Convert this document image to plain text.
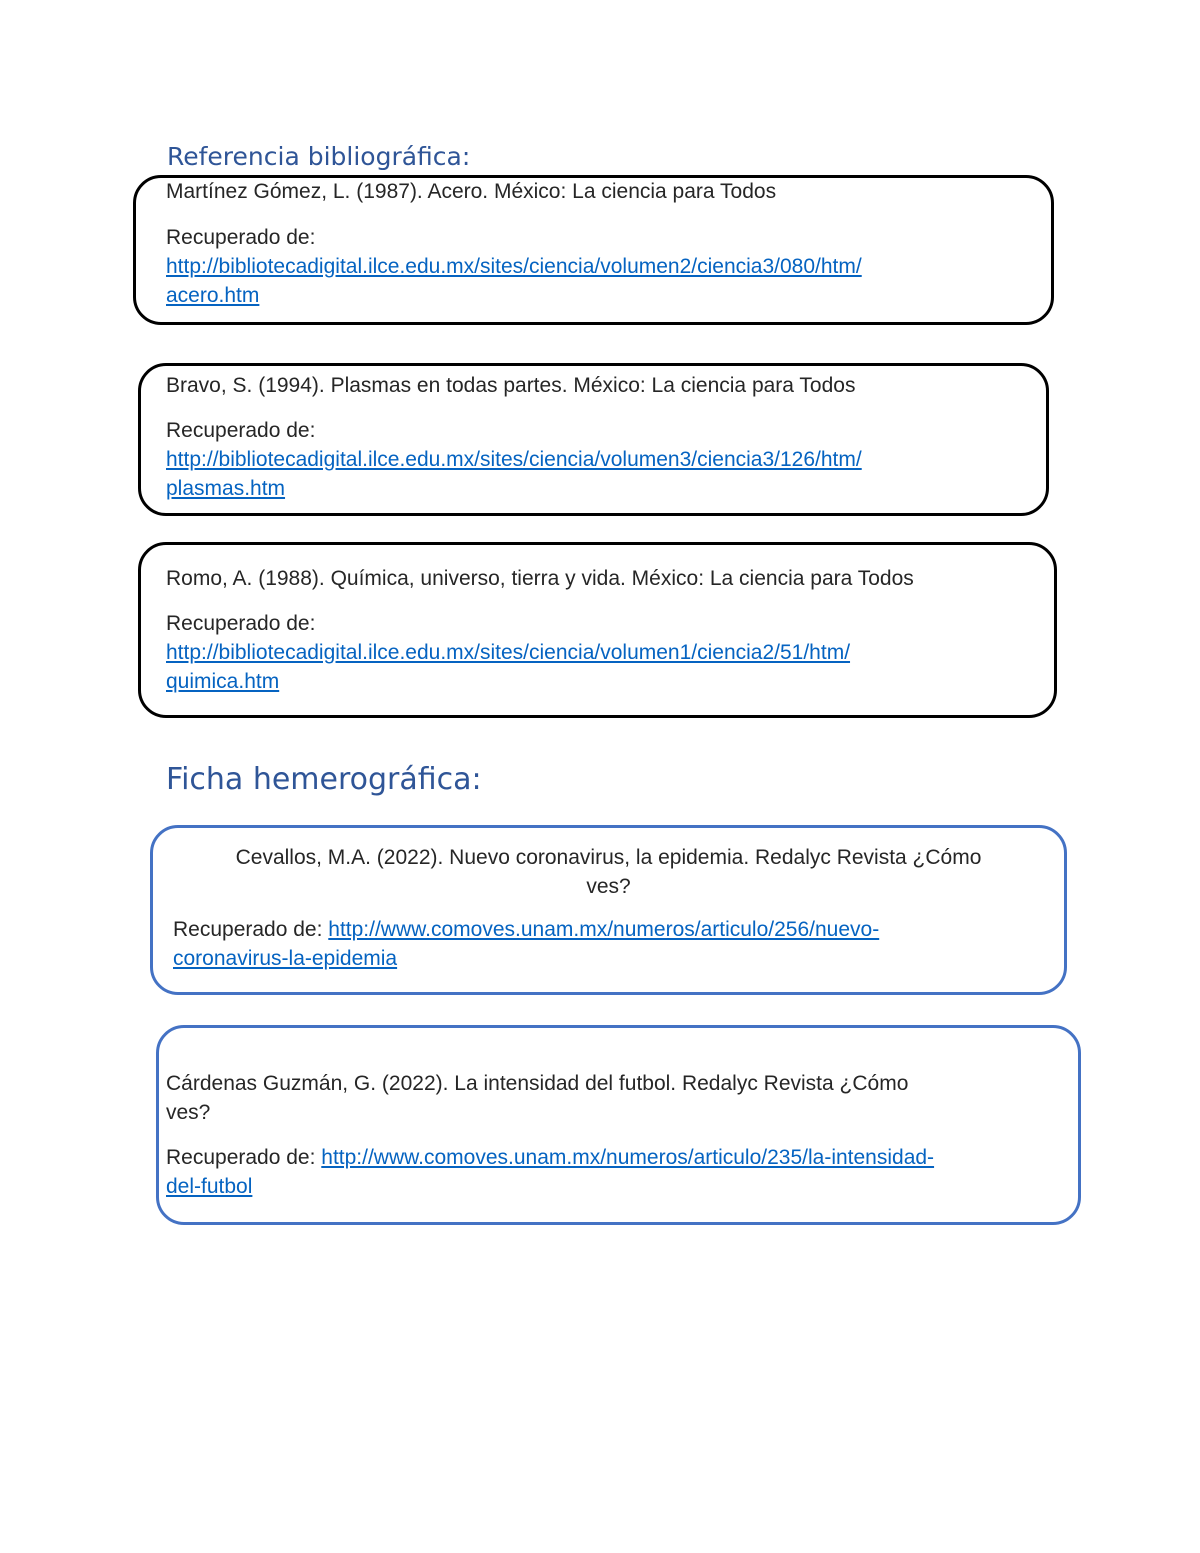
Referencia bibliográfica:

Martínez Gómez, L. (1987). Acero. México: La ciencia para Todos

Recuperado de:
http://bibliotecadigital.ilce.edu.mx/sites/ciencia/volumen2/ciencia3/080/htm/
acero.htm

Bravo, S. (1994). Plasmas en todas partes. México: La ciencia para Todos

Recuperado de:
http://bibliotecadigital.ilce.edu.mx/sites/ciencia/volumen3/ciencia3/126/htm/
plasmas.htm

Romo, A. (1988). Química, universo, tierra y vida. México: La ciencia para Todos

Recuperado de:
http://bibliotecadigital.ilce.edu.mx/sites/ciencia/volumen1/ciencia2/51/htm/
quimica.htm

Ficha hemerográfica:

Cevallos, M.A. (2022). Nuevo coronavirus, la epidemia. Redalyc Revista ¿Cómo
ves?

Recuperado de: http://www.comoves.unam.mx/numeros/articulo/256/nuevo-
coronavirus-la-epidemia

Cárdenas Guzmán, G. (2022). La intensidad del futbol. Redalyc Revista ¿Cómo
ves?

Recuperado de: http://www.comoves.unam.mx/numeros/articulo/235/la-intensidad-
del-futbol
